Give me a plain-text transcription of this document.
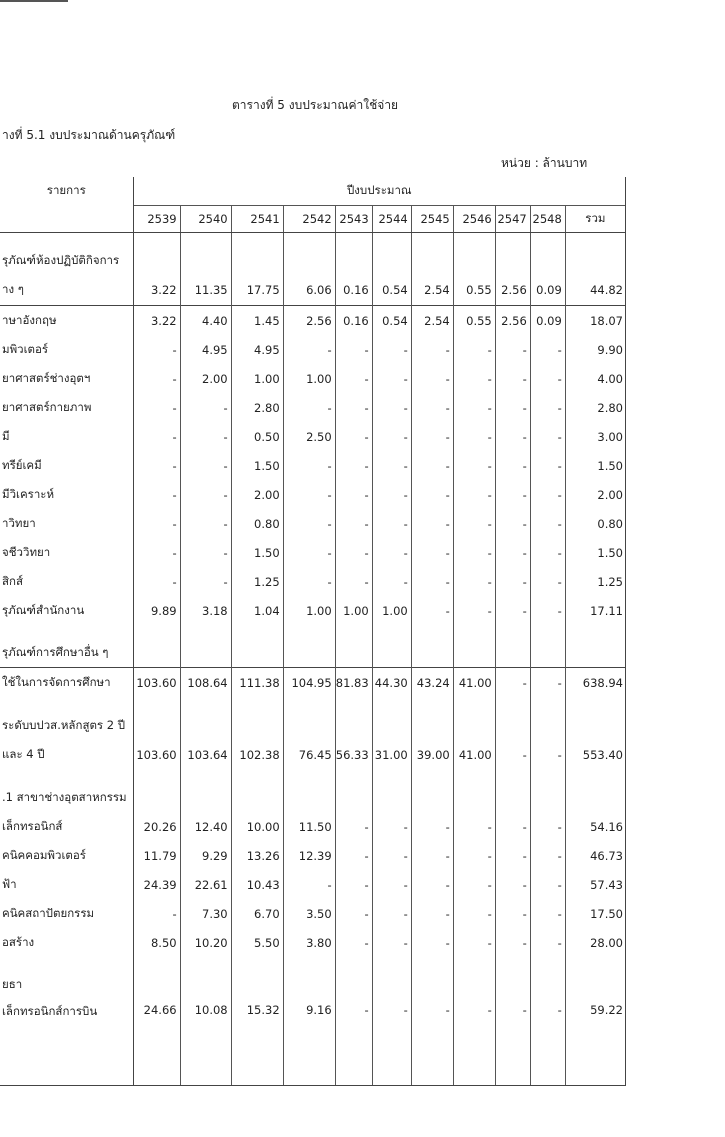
ตารางที่ 5 งบประมาณค่าใช้จ่าย
างที่ 5.1 งบประมาณด้านครุภัณฑ์
หน่วย : ล้านบาท
รายการ	ปีงบประมาณ										
	2539	2540	2541	2542	2543	2544	2545	2546	2547	2548	รวม

รุภัณฑ์ห้องปฏิบัติกิจการ											
าง ๆ	3.22	11.35	17.75	6.06	0.16	0.54	2.54	0.55	2.56	0.09	44.82
าษาอังกฤษ	3.22	4.40	1.45	2.56	0.16	0.54	2.54	0.55	2.56	0.09	18.07
มพิวเตอร์	-	4.95	4.95	-	-	-	-	-	-	-	9.90
ยาศาสตร์ช่างอุตฯ	-	2.00	1.00	1.00	-	-	-	-	-	-	4.00
ยาศาสตร์กายภาพ	-	-	2.80	-	-	-	-	-	-	-	2.80
มี	-	-	0.50	2.50	-	-	-	-	-	-	3.00
ทรีย์เคมี	-	-	1.50	-	-	-	-	-	-	-	1.50
มีวิเคราะห์	-	-	2.00	-	-	-	-	-	-	-	2.00
าวิทยา	-	-	0.80	-	-	-	-	-	-	-	0.80
จชีววิทยา	-	-	1.50	-	-	-	-	-	-	-	1.50
สิกส์	-	-	1.25	-	-	-	-	-	-	-	1.25
รุภัณฑ์สำนักงาน	9.89	3.18	1.04	1.00	1.00	1.00	-	-	-	-	17.11

รุภัณฑ์การศึกษาอื่น ๆ											
ใช้ในการจัดการศึกษา	103.60	108.64	111.38	104.95	81.83	44.30	43.24	41.00	-	-	638.94

ระดับบปวส.หลักสูตร 2 ปี											
และ 4 ปี	103.60	103.64	102.38	76.45	56.33	31.00	39.00	41.00	-	-	553.40

.1 สาขาช่างอุตสาหกรรม											
เล็กทรอนิกส์	20.26	12.40	10.00	11.50	-	-	-	-	-	-	54.16
คนิคคอมพิวเตอร์	11.79	9.29	13.26	12.39	-	-	-	-	-	-	46.73
ฟ้า	24.39	22.61	10.43	-	-	-	-	-	-	-	57.43
คนิคสถาปัตยกรรม	-	7.30	6.70	3.50	-	-	-	-	-	-	17.50
อสร้าง	8.50	10.20	5.50	3.80	-	-	-	-	-	-	28.00

ยธา											
เล็กทรอนิกส์การบิน	24.66	10.08	15.32	9.16	-	-	-	-	-	-	59.22
